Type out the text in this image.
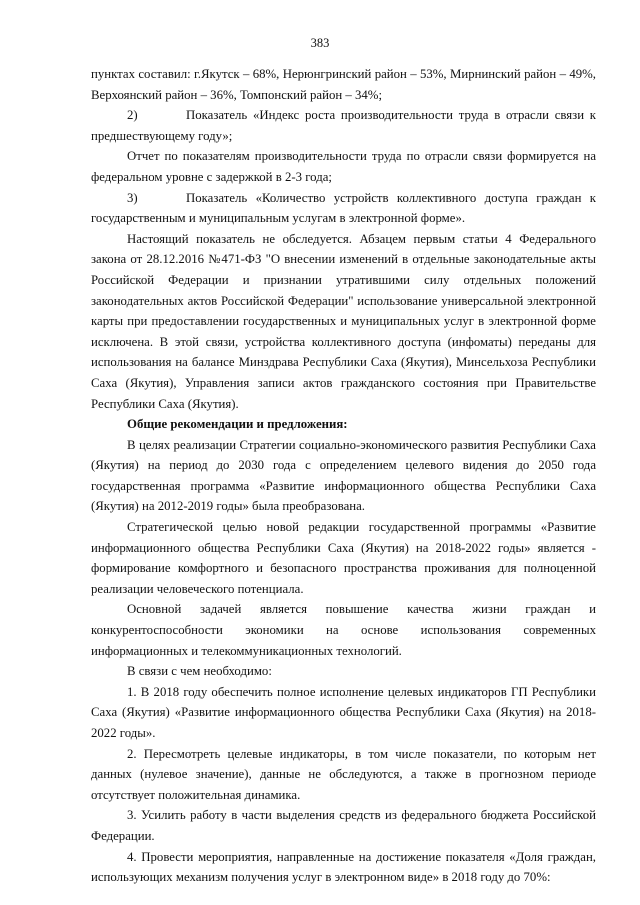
383

пунктах составил: г.Якутск – 68%, Нерюнгринский район – 53%, Мирнинский район – 49%, Верхоянский район – 36%, Томпонский район – 34%;

2)	Показатель «Индекс роста производительности труда в отрасли связи к предшествующему году»;

Отчет по показателям производительности труда по отрасли связи формируется на федеральном уровне с задержкой в 2-3 года;

3)	Показатель «Количество устройств коллективного доступа граждан к государственным и муниципальным услугам в электронной форме».

Настоящий показатель не обследуется. Абзацем первым статьи 4 Федерального закона от 28.12.2016 №471-ФЗ "О внесении изменений в отдельные законодательные акты Российской Федерации и признании утратившими силу отдельных положений законодательных актов Российской Федерации" использование универсальной электронной карты при предоставлении государственных и муниципальных услуг в электронной форме исключена. В этой связи, устройства коллективного доступа (инфоматы) переданы для использования на балансе Минздрава Республики Саха (Якутия), Минсельхоза Республики Саха (Якутия), Управления записи актов гражданского состояния при Правительстве Республики Саха (Якутия).

Общие рекомендации и предложения:

В целях реализации Стратегии социально-экономического развития Республики Саха (Якутия) на период до 2030 года с определением целевого видения до 2050 года государственная программа «Развитие информационного общества Республики Саха (Якутия) на 2012-2019 годы» была преобразована.

Стратегической целью новой редакции государственной программы «Развитие информационного общества Республики Саха (Якутия) на 2018-2022 годы» является - формирование комфортного и безопасного пространства проживания для полноценной реализации человеческого потенциала.

Основной задачей является повышение качества жизни граждан и конкурентоспособности экономики на основе использования современных информационных и телекоммуникационных технологий.

В связи с чем необходимо:

1. В 2018 году обеспечить полное исполнение целевых индикаторов ГП Республики Саха (Якутия) «Развитие информационного общества Республики Саха (Якутия) на 2018-2022 годы».

2. Пересмотреть целевые индикаторы, в том числе показатели, по которым нет данных (нулевое значение), данные не обследуются, а также в прогнозном периоде отсутствует положительная динамика.

3. Усилить работу в части выделения средств из федерального бюджета Российской Федерации.

4. Провести мероприятия, направленные на достижение показателя «Доля граждан, использующих механизм получения услуг в электронном виде» в 2018 году до 70%:
